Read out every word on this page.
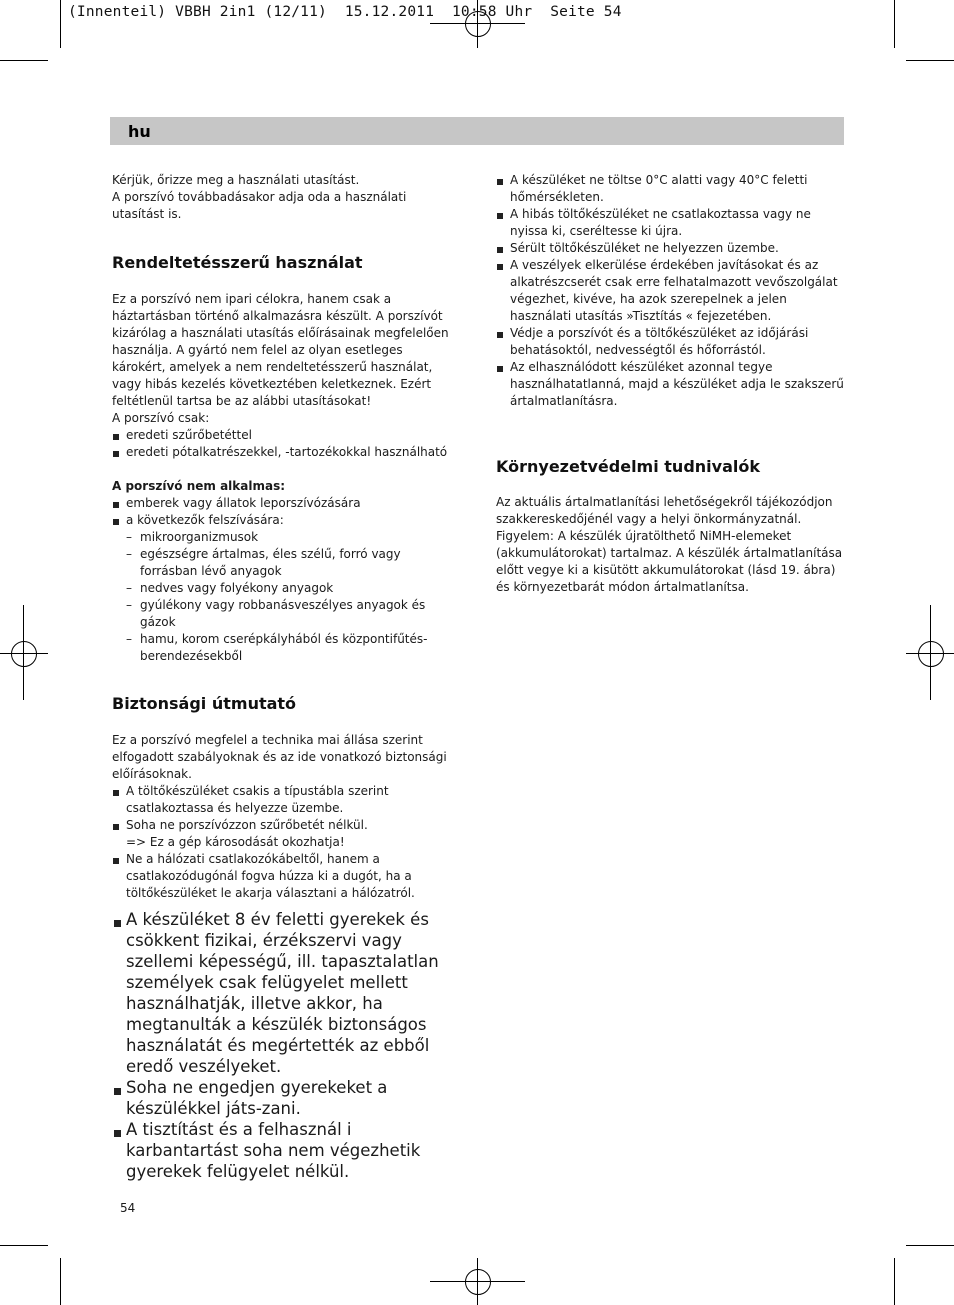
(Innenteil) VBBH 2in1 (12/11)  15.12.2011  10:58 Uhr  Seite 54
hu

Kérjük, őrizze meg a használati utasítást.

A porszívó továbbadásakor adja oda a használati utasítást is.

Rendeltetésszerű használat

Ez a porszívó nem ipari célokra, hanem csak a háztartásban történő alkalmazásra készült. A porszívót kizárólag a használati utasítás előírásainak megfelelően használja. A gyártó nem felel az olyan esetleges károkért, amelyek a nem rendeltetésszerű használat, vagy hibás kezelés következtében keletkeznek. Ezért feltétlenül tartsa be az alábbi utasításokat!

A porszívó csak:

eredeti szűrőbetéttel
eredeti pótalkatrészekkel, -tartozékokkal használható

A porszívó nem alkalmas:

emberek vagy állatok leporszívózására
a következők felszívására:
– mikroorganizmusok
– egészségre ártalmas, éles szélű, forró vagy forrásban lévő anyagok
– nedves vagy folyékony anyagok
– gyúlékony vagy robbanásveszélyes anyagok és gázok
– hamu, korom cserépkályhából és központifűtés-berendezésekből
Biztonsági útmutató

Ez a porszívó megfelel a technika mai állása szerint elfogadott szabályoknak és az ide vonatkozó biztonsági előírásoknak.

A töltőkészüléket csakis a típustábla szerint csatlakoztassa és helyezze üzembe.
Soha ne porszívózzon szűrőbetét nélkül.
=> Ez a gép károsodását okozhatja!
Ne a hálózati csatlakozókábeltől, hanem a csatlakozódugónál fogva húzza ki a dugót, ha a töltőkészüléket le akarja választani a hálózatról.
A készüléket 8 év feletti gyerekek és csökkent fizikai, érzékszervi vagy szellemi képességű, ill. tapasztalatlan személyek csak felügyelet mellett használhatják, illetve akkor, ha megtanulták a készülék biztonságos használatát és megértették az ebből eredő veszélyeket.
Soha ne engedjen gyerekeket a készülékkel játs-zani.
A tisztítást és a felhasznál i karbantartást soha nem végezhetik gyerekek felügyelet nélkül.
A készüléket ne töltse 0°C alatti vagy 40°C feletti hőmérsékleten.
A hibás töltőkészüléket ne csatlakoztassa vagy ne nyissa ki, cseréltesse ki újra.
Sérült töltőkészüléket ne helyezzen üzembe.
A veszélyek elkerülése érdekében javításokat és az alkatrészcserét csak erre felhatalmazott vevőszolgálat végezhet, kivéve, ha azok szerepelnek a jelen használati utasítás »Tisztítás « fejezetében.
Védje a porszívót és a töltőkészüléket az időjárási behatásoktól, nedvességtől és hőforrástól.
Az elhasználódott készüléket azonnal tegye használhatatlanná, majd a készüléket adja le szakszerű ártalmatlanításra.
Környezetvédelmi tudnivalók

Az aktuális ártalmatlanítási lehetőségekről tájékozódjon szakkereskedőjénél vagy a helyi önkormányzatnál. Figyelem: A készülék újratölthető NiMH-elemeket (akkumulátorokat) tartalmaz. A készülék ártalmatlanítása előtt vegye ki a kisütött akkumulátorokat (lásd 19. ábra) és környezetbarát módon ártalmatlanítsa.

54
